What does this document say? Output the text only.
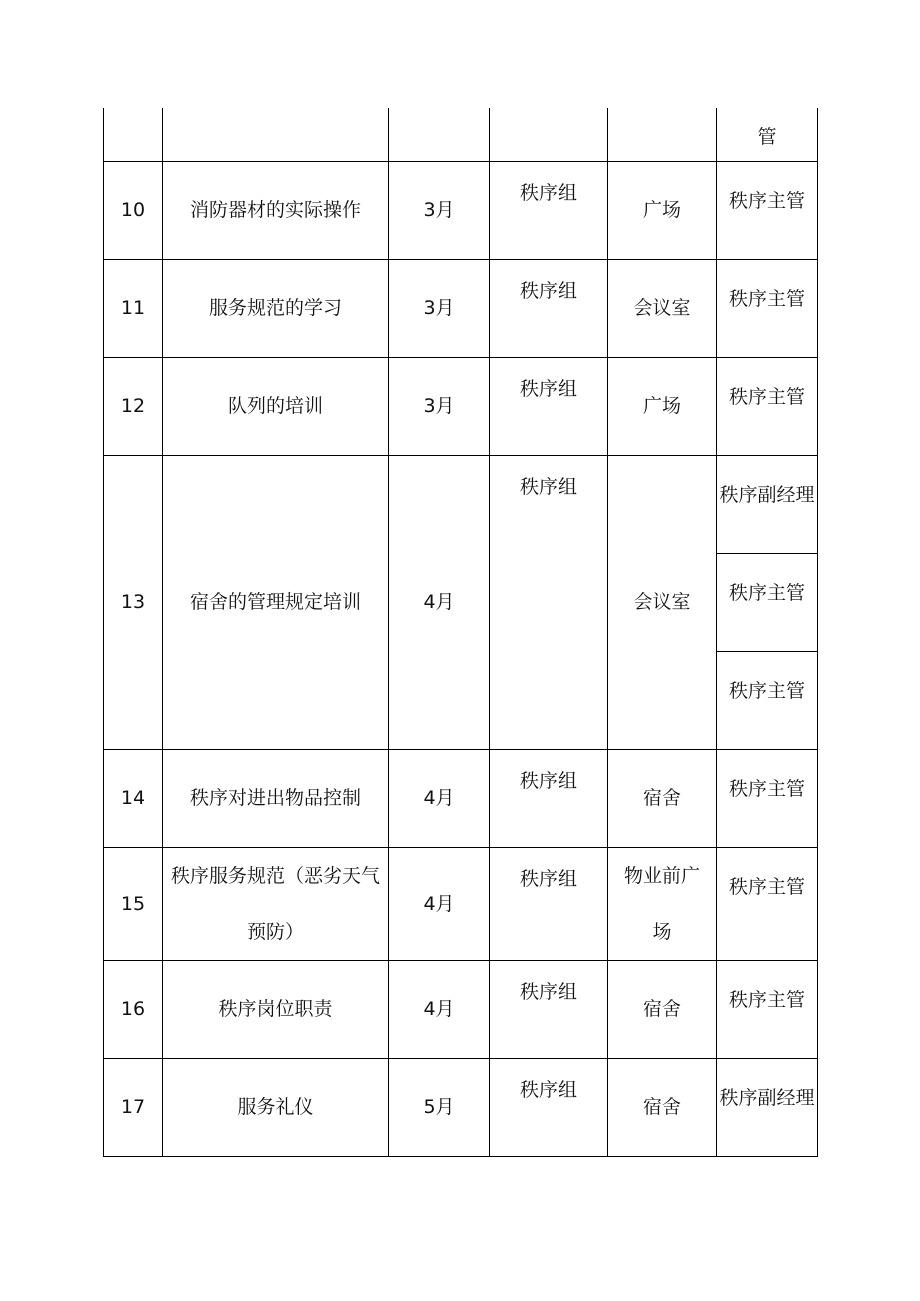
					管
10	消防器材的实际操作	3月	秩序组	广场	秩序主管
11	服务规范的学习	3月	秩序组	会议室	秩序主管
12	队列的培训	3月	秩序组	广场	秩序主管
13	宿舍的管理规定培训	4月	秩序组	会议室	秩序副经理
					秩序主管
					秩序主管
14	秩序对进出物品控制	4月	秩序组	宿舍	秩序主管
15	秩序服务规范（恶劣天气预防）	4月	秩序组	物业前广场	秩序主管
16	秩序岗位职责	4月	秩序组	宿舍	秩序主管
17	服务礼仪	5月	秩序组	宿舍	秩序副经理
